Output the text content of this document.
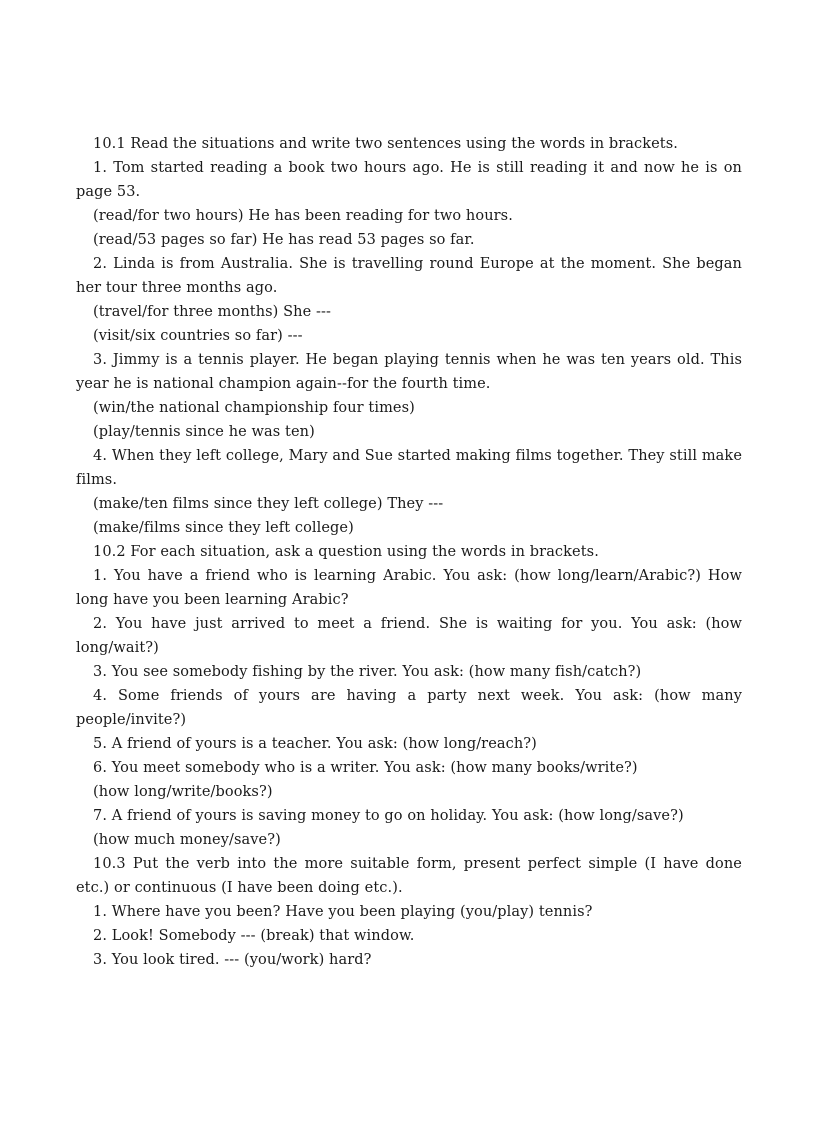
10.1 Read the situations and write two sentences using the words in brackets.

1. Tom started reading a book two hours ago. He is still reading it and now he is on page 53.

(read/for two hours) He has been reading for two hours.

(read/53 pages so far) He has read 53 pages so far.

2. Linda is from Australia. She is travelling round Europe at the moment. She began her tour three months ago.

(travel/for three months) She ---

(visit/six countries so far) ---

3. Jimmy is a tennis player. He began playing tennis when he was ten years old. This year he is national champion again--for the fourth time.

(win/the national championship four times)

(play/tennis since he was ten)

4. When they left college, Mary and Sue started making films together. They still make films.

(make/ten films since they left college) They ---

(make/films since they left college)

10.2 For each situation, ask a question using the words in brackets.

1. You have a friend who is learning Arabic. You ask: (how long/learn/Arabic?) How long have you been learning Arabic?

2. You have just arrived to meet a friend. She is waiting for you. You ask: (how long/wait?)

3. You see somebody fishing by the river. You ask: (how many fish/catch?)

4. Some friends of yours are having a party next week. You ask: (how many people/invite?)

5. A friend of yours is a teacher. You ask: (how long/reach?)

6. You meet somebody who is a writer. You ask: (how many books/write?)

(how long/write/books?)

7. A friend of yours is saving money to go on holiday. You ask: (how long/save?)

(how much money/save?)

10.3 Put the verb into the more suitable form, present perfect simple (I have done etc.) or continuous (I have been doing etc.).

1. Where have you been? Have you been playing (you/play) tennis?

2. Look! Somebody --- (break) that window.

3. You look tired. --- (you/work) hard?
